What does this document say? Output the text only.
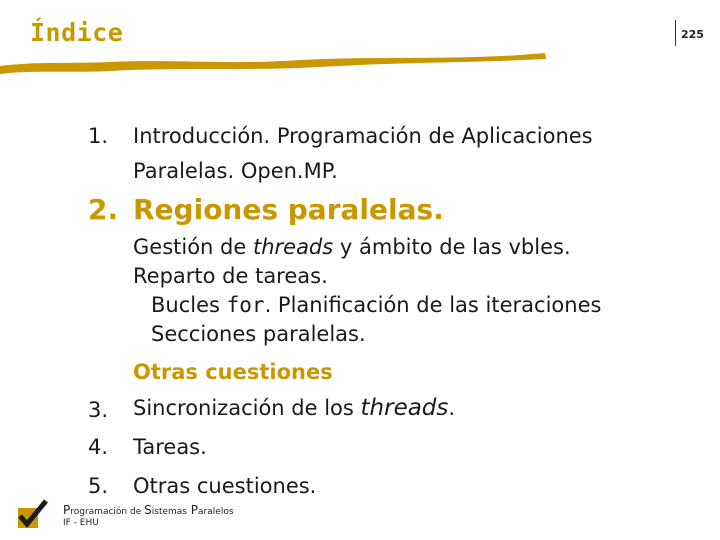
Índice	225
1. Introducción. Programación de Aplicaciones
Paralelas. Open.MP.
2. Regiones paralelas.
Gestión de threads y ámbito de las vbles.
Reparto de tareas.
Bucles for. Planificación de las iteraciones
Secciones paralelas.
Otras cuestiones
3. Sincronización de los threads.
4. Tareas.
5. Otras cuestiones.
Programación de Sistemas Paralelos
IF - EHU
